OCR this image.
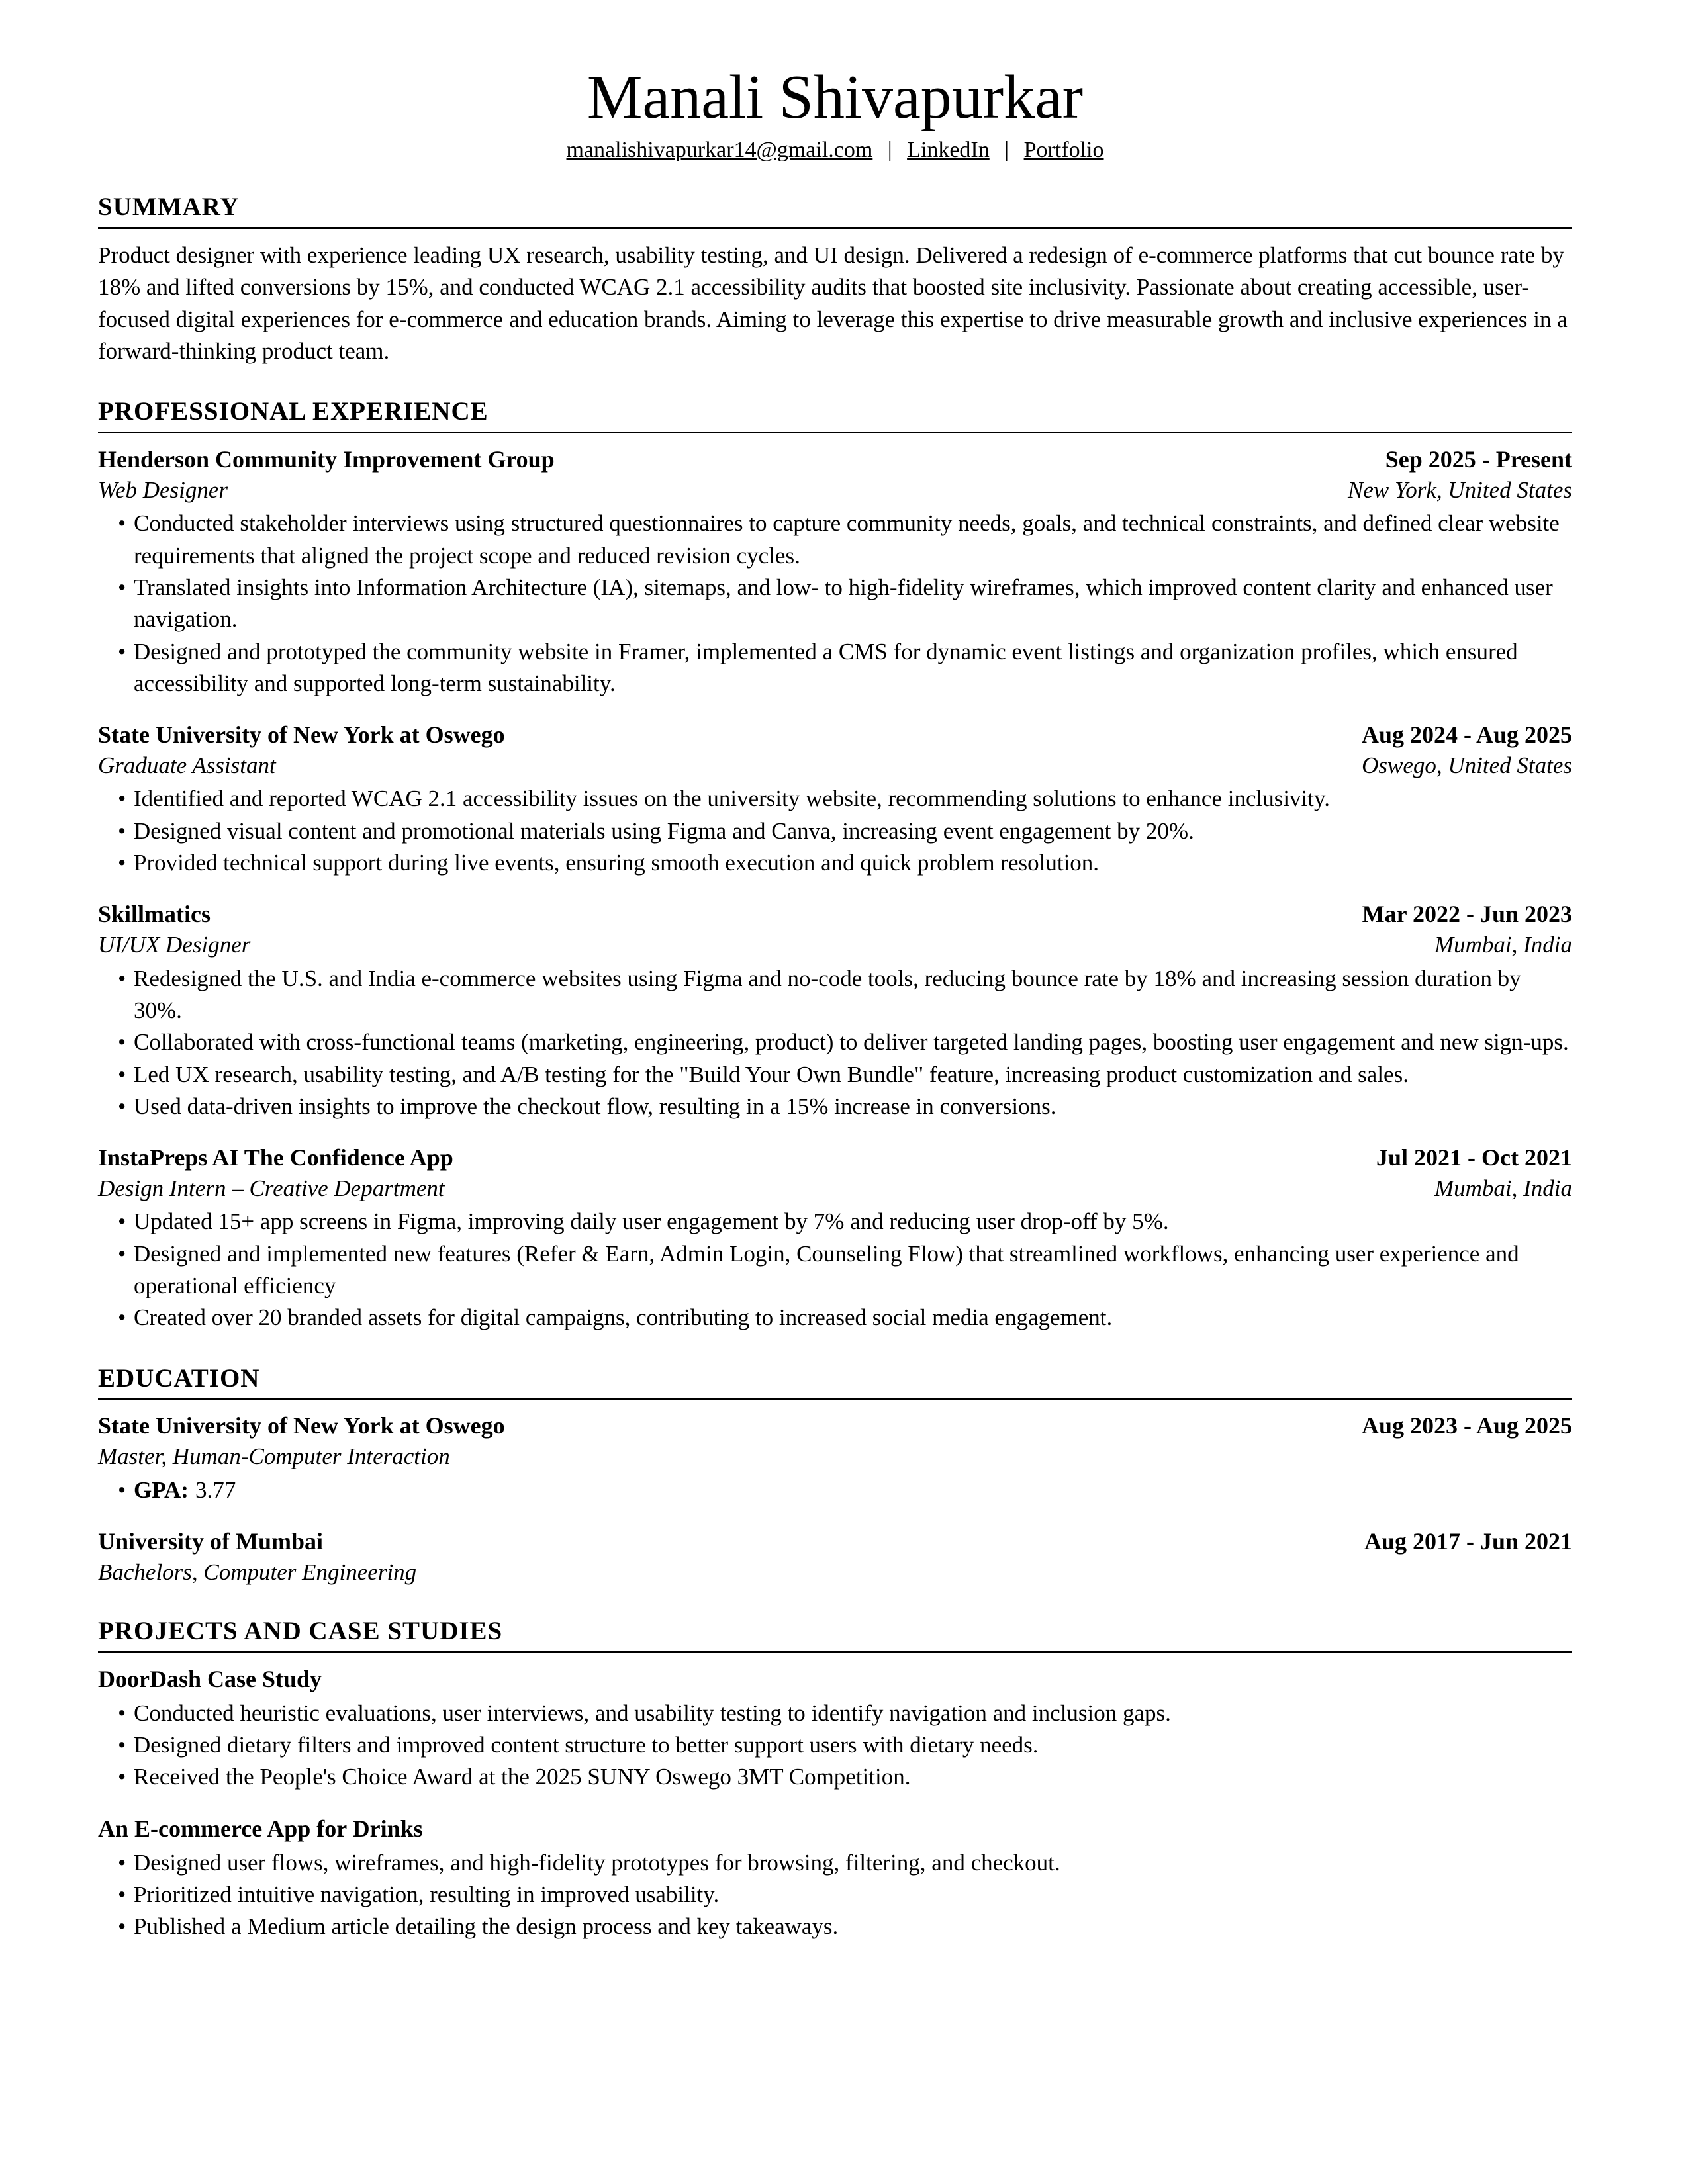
Manali Shivapurkar
manalishivapurkar14@gmail.com | LinkedIn | Portfolio
SUMMARY
Product designer with experience leading UX research, usability testing, and UI design. Delivered a redesign of e-commerce platforms that cut bounce rate by 18% and lifted conversions by 15%, and conducted WCAG 2.1 accessibility audits that boosted site inclusivity. Passionate about creating accessible, user-focused digital experiences for e-commerce and education brands. Aiming to leverage this expertise to drive measurable growth and inclusive experiences in a forward-thinking product team.
PROFESSIONAL EXPERIENCE
Henderson Community Improvement Group	Sep 2025 - Present
Web Designer	New York, United States
• Conducted stakeholder interviews using structured questionnaires to capture community needs, goals, and technical constraints, and defined clear website requirements that aligned the project scope and reduced revision cycles.
• Translated insights into Information Architecture (IA), sitemaps, and low- to high-fidelity wireframes, which improved content clarity and enhanced user navigation.
• Designed and prototyped the community website in Framer, implemented a CMS for dynamic event listings and organization profiles, which ensured accessibility and supported long-term sustainability.
State University of New York at Oswego	Aug 2024 - Aug 2025
Graduate Assistant	Oswego, United States
• Identified and reported WCAG 2.1 accessibility issues on the university website, recommending solutions to enhance inclusivity.
• Designed visual content and promotional materials using Figma and Canva, increasing event engagement by 20%.
• Provided technical support during live events, ensuring smooth execution and quick problem resolution.
Skillmatics	Mar 2022 - Jun 2023
UI/UX Designer	Mumbai, India
• Redesigned the U.S. and India e-commerce websites using Figma and no-code tools, reducing bounce rate by 18% and increasing session duration by 30%.
• Collaborated with cross-functional teams (marketing, engineering, product) to deliver targeted landing pages, boosting user engagement and new sign-ups.
• Led UX research, usability testing, and A/B testing for the "Build Your Own Bundle" feature, increasing product customization and sales.
• Used data-driven insights to improve the checkout flow, resulting in a 15% increase in conversions.
InstaPreps AI The Confidence App	Jul 2021 - Oct 2021
Design Intern – Creative Department	Mumbai, India
• Updated 15+ app screens in Figma, improving daily user engagement by 7% and reducing user drop-off by 5%.
• Designed and implemented new features (Refer & Earn, Admin Login, Counseling Flow) that streamlined workflows, enhancing user experience and operational efficiency
• Created over 20 branded assets for digital campaigns, contributing to increased social media engagement.
EDUCATION
State University of New York at Oswego	Aug 2023 - Aug 2025
Master, Human-Computer Interaction
• GPA: 3.77
University of Mumbai	Aug 2017 - Jun 2021
Bachelors, Computer Engineering
PROJECTS AND CASE STUDIES
DoorDash Case Study
• Conducted heuristic evaluations, user interviews, and usability testing to identify navigation and inclusion gaps.
• Designed dietary filters and improved content structure to better support users with dietary needs.
• Received the People's Choice Award at the 2025 SUNY Oswego 3MT Competition.
An E-commerce App for Drinks
• Designed user flows, wireframes, and high-fidelity prototypes for browsing, filtering, and checkout.
• Prioritized intuitive navigation, resulting in improved usability.
• Published a Medium article detailing the design process and key takeaways.
